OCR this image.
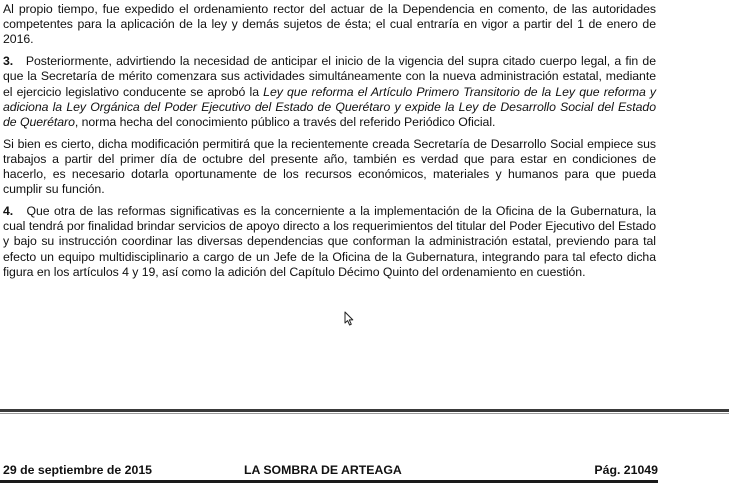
Al propio tiempo, fue expedido el ordenamiento rector del actuar de la Dependencia en comento, de las autoridades competentes para la aplicación de la ley y demás sujetos de ésta; el cual entraría en vigor a partir del 1 de enero de 2016.

3. Posteriormente, advirtiendo la necesidad de anticipar el inicio de la vigencia del supra citado cuerpo legal, a fin de que la Secretaría de mérito comenzara sus actividades simultáneamente con la nueva administración estatal, mediante el ejercicio legislativo conducente se aprobó la Ley que reforma el Artículo Primero Transitorio de la Ley que reforma y adiciona la Ley Orgánica del Poder Ejecutivo del Estado de Querétaro y expide la Ley de Desarrollo Social del Estado de Querétaro, norma hecha del conocimiento público a través del referido Periódico Oficial.

Si bien es cierto, dicha modificación permitirá que la recientemente creada Secretaría de Desarrollo Social empiece sus trabajos a partir del primer día de octubre del presente año, también es verdad que para estar en condiciones de hacerlo, es necesario dotarla oportunamente de los recursos económicos, materiales y humanos para que pueda cumplir su función.

4. Que otra de las reformas significativas es la concerniente a la implementación de la Oficina de la Gubernatura, la cual tendrá por finalidad brindar servicios de apoyo directo a los requerimientos del titular del Poder Ejecutivo del Estado y bajo su instrucción coordinar las diversas dependencias que conforman la administración estatal, previendo para tal efecto un equipo multidisciplinario a cargo de un Jefe de la Oficina de la Gubernatura, integrando para tal efecto dicha figura en los artículos 4 y 19, así como la adición del Capítulo Décimo Quinto del ordenamiento en cuestión.

29 de septiembre de 2015	LA SOMBRA DE ARTEAGA	Pág. 21049
